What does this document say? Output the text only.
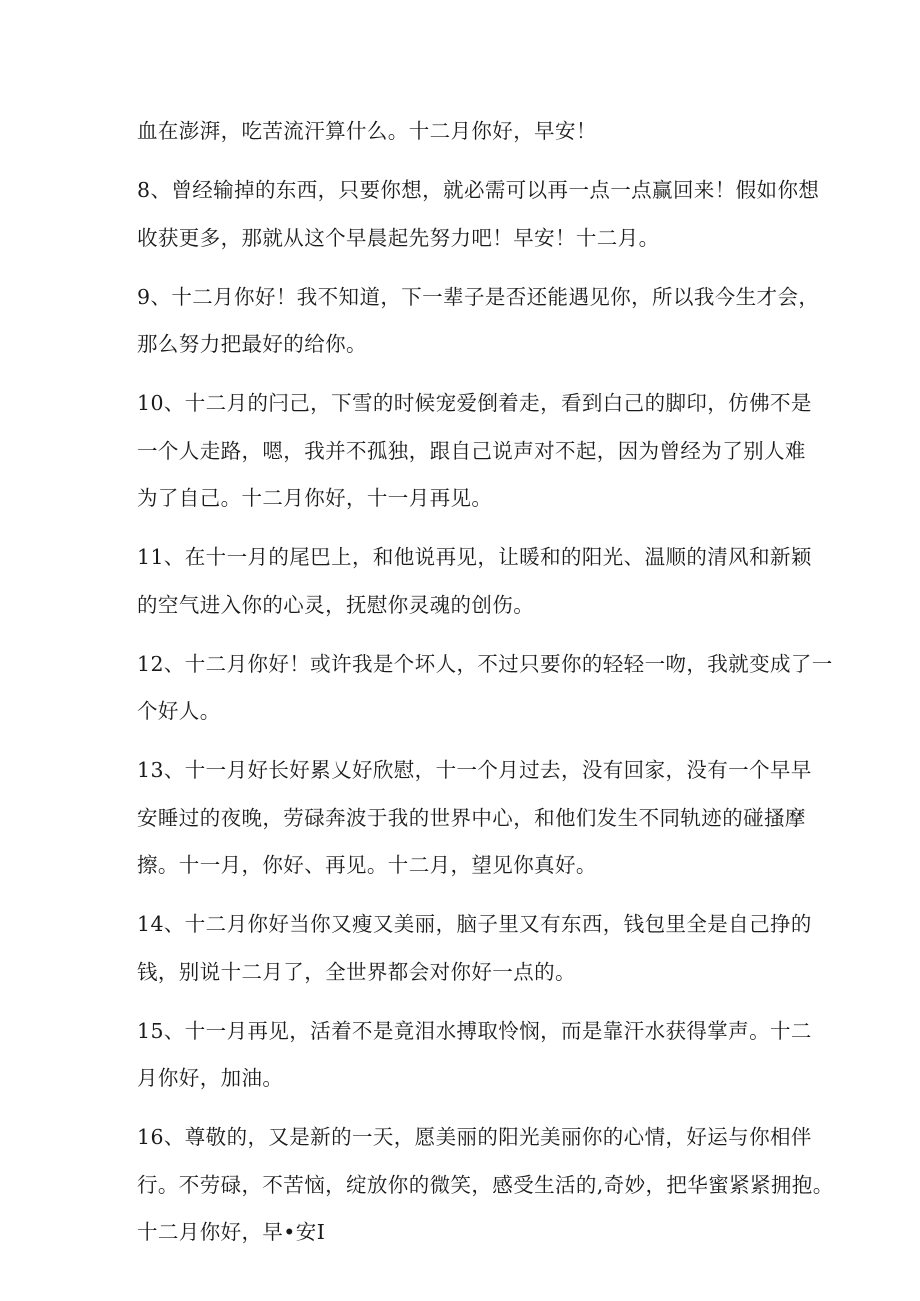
血在澎湃，吃苦流汗算什么。十二月你好，早安！

8、曾经输掉的东西，只要你想，就必需可以再一点一点赢回来！假如你想

收获更多，那就从这个早晨起先努力吧！早安！十二月。

9、十二月你好！我不知道，下一辈子是否还能遇见你，所以我今生才会，

那么努力把最好的给你。

10、十二月的闩己，下雪的时候宠爱倒着走，看到白己的脚印，仿佛不是

一个人走路，嗯，我并不孤独，跟自己说声对不起，因为曾经为了别人难

为了自己。十二月你好，十一月再见。

11、在十一月的尾巴上，和他说再见，让暖和的阳光、温顺的清风和新颖

的空气进入你的心灵，抚慰你灵魂的创伤。

12、十二月你好！或许我是个坏人，不过只要你的轻轻一吻，我就变成了一

个好人。

13、十一月好长好累乂好欣慰，十一个月过去，没有回家，没有一个早早

安睡过的夜晚，劳碌奔波于我的世界中心，和他们发生不同轨迹的碰搔摩

擦。十一月，你好、再见。十二月，望见你真好。

14、十二月你好当你又瘦又美丽，脑子里又有东西，钱包里全是自己挣的

钱，别说十二月了，全世界都会对你好一点的。

15、十一月再见，活着不是竟泪水搏取怜悯，而是靠汗水获得掌声。十二

月你好，加油。

16、尊敬的，又是新的一天，愿美丽的阳光美丽你的心情，好运与你相伴

行。不劳碌，不苦恼，绽放你的微笑，感受生活的,奇妙，把华蜜紧紧拥抱。

十二月你好，早•安I
